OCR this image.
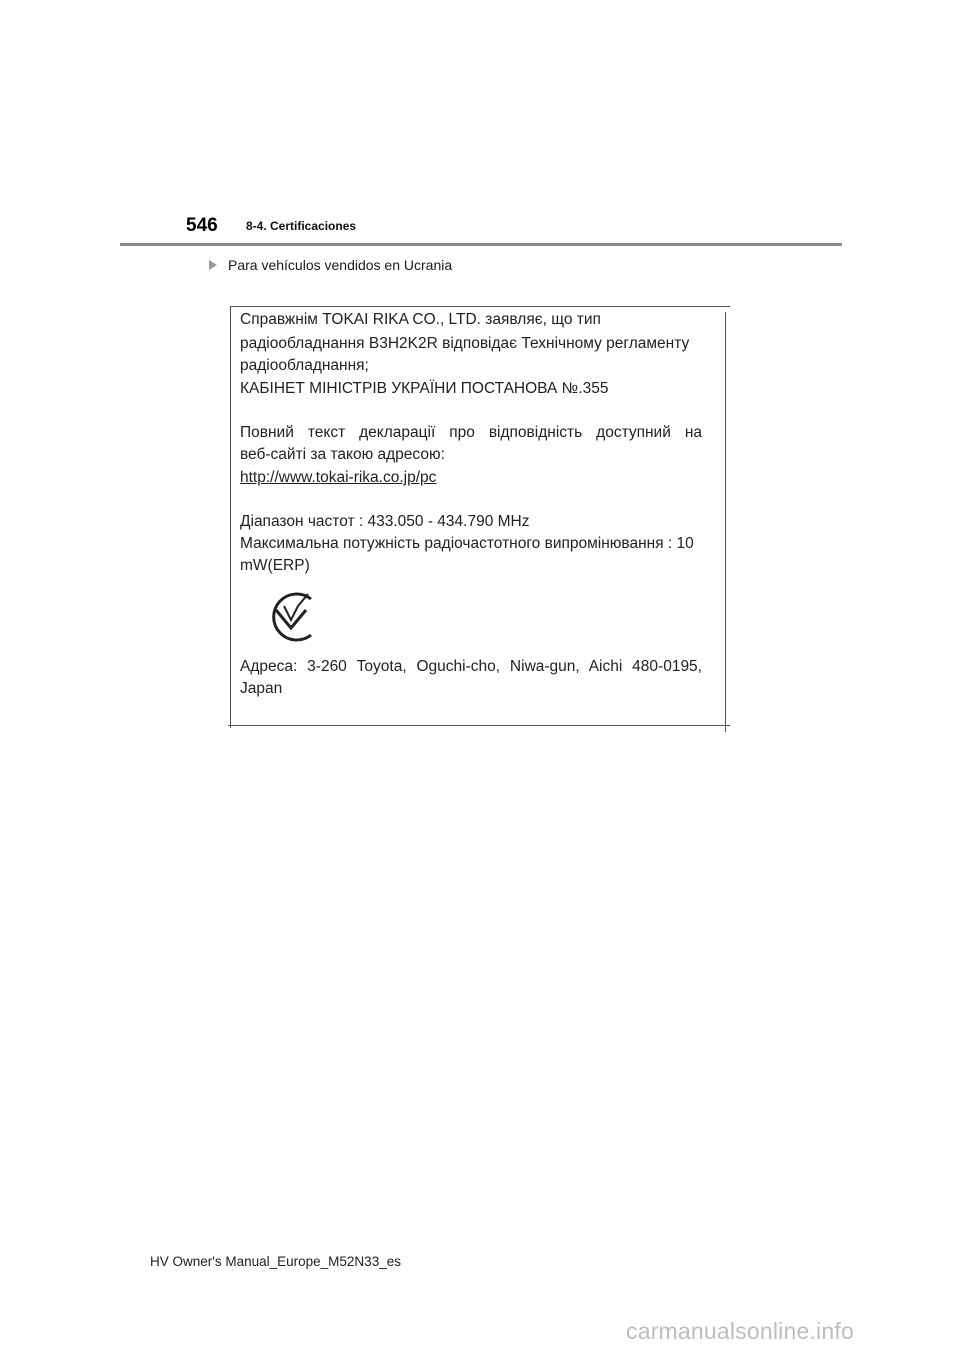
546 8-4. Certificaciones
Para vehículos vendidos en Ucrania
Справжнім TOKAI RIKA CO., LTD. заявляє, що тип
радіообладнання B3H2K2R відповідає Технічному регламенту
радіообладнання;
КАБІНЕТ МІНІСТРІВ УКРАЇНИ ПОСТАНОВА №.355
Повний текст декларації про відповідність доступний на
веб-сайті за такою адресою:
http://www.tokai-rika.co.jp/pc
Діапазон частот : 433.050 - 434.790 MHz
Максимальна потужність радіочастотного випромінювання : 10
mW(ERP)
Адреса: 3-260 Toyota, Oguchi-cho, Niwa-gun, Aichi 480-0195,
Japan
HV Owner's Manual_Europe_M52N33_es
carmanualsonline.info
